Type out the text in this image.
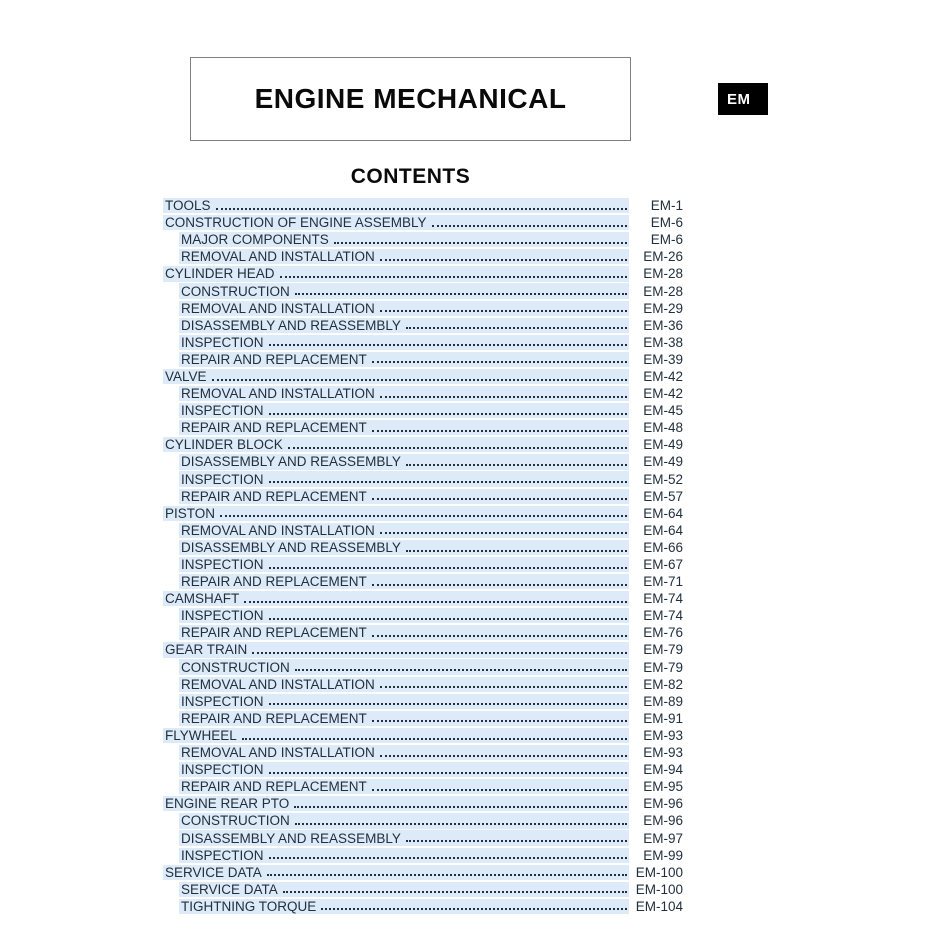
ENGINE MECHANICAL	EM
CONTENTS
TOOLS	EM-1
CONSTRUCTION OF ENGINE ASSEMBLY	EM-6
MAJOR COMPONENTS	EM-6
REMOVAL AND INSTALLATION	EM-26
CYLINDER HEAD	EM-28
CONSTRUCTION	EM-28
REMOVAL AND INSTALLATION	EM-29
DISASSEMBLY AND REASSEMBLY	EM-36
INSPECTION	EM-38
REPAIR AND REPLACEMENT	EM-39
VALVE	EM-42
REMOVAL AND INSTALLATION	EM-42
INSPECTION	EM-45
REPAIR AND REPLACEMENT	EM-48
CYLINDER BLOCK	EM-49
DISASSEMBLY AND REASSEMBLY	EM-49
INSPECTION	EM-52
REPAIR AND REPLACEMENT	EM-57
PISTON	EM-64
REMOVAL AND INSTALLATION	EM-64
DISASSEMBLY AND REASSEMBLY	EM-66
INSPECTION	EM-67
REPAIR AND REPLACEMENT	EM-71
CAMSHAFT	EM-74
INSPECTION	EM-74
REPAIR AND REPLACEMENT	EM-76
GEAR TRAIN	EM-79
CONSTRUCTION	EM-79
REMOVAL AND INSTALLATION	EM-82
INSPECTION	EM-89
REPAIR AND REPLACEMENT	EM-91
FLYWHEEL	EM-93
REMOVAL AND INSTALLATION	EM-93
INSPECTION	EM-94
REPAIR AND REPLACEMENT	EM-95
ENGINE REAR PTO	EM-96
CONSTRUCTION	EM-96
DISASSEMBLY AND REASSEMBLY	EM-97
INSPECTION	EM-99
SERVICE DATA	EM-100
SERVICE DATA	EM-100
TIGHTNING TORQUE	EM-104
